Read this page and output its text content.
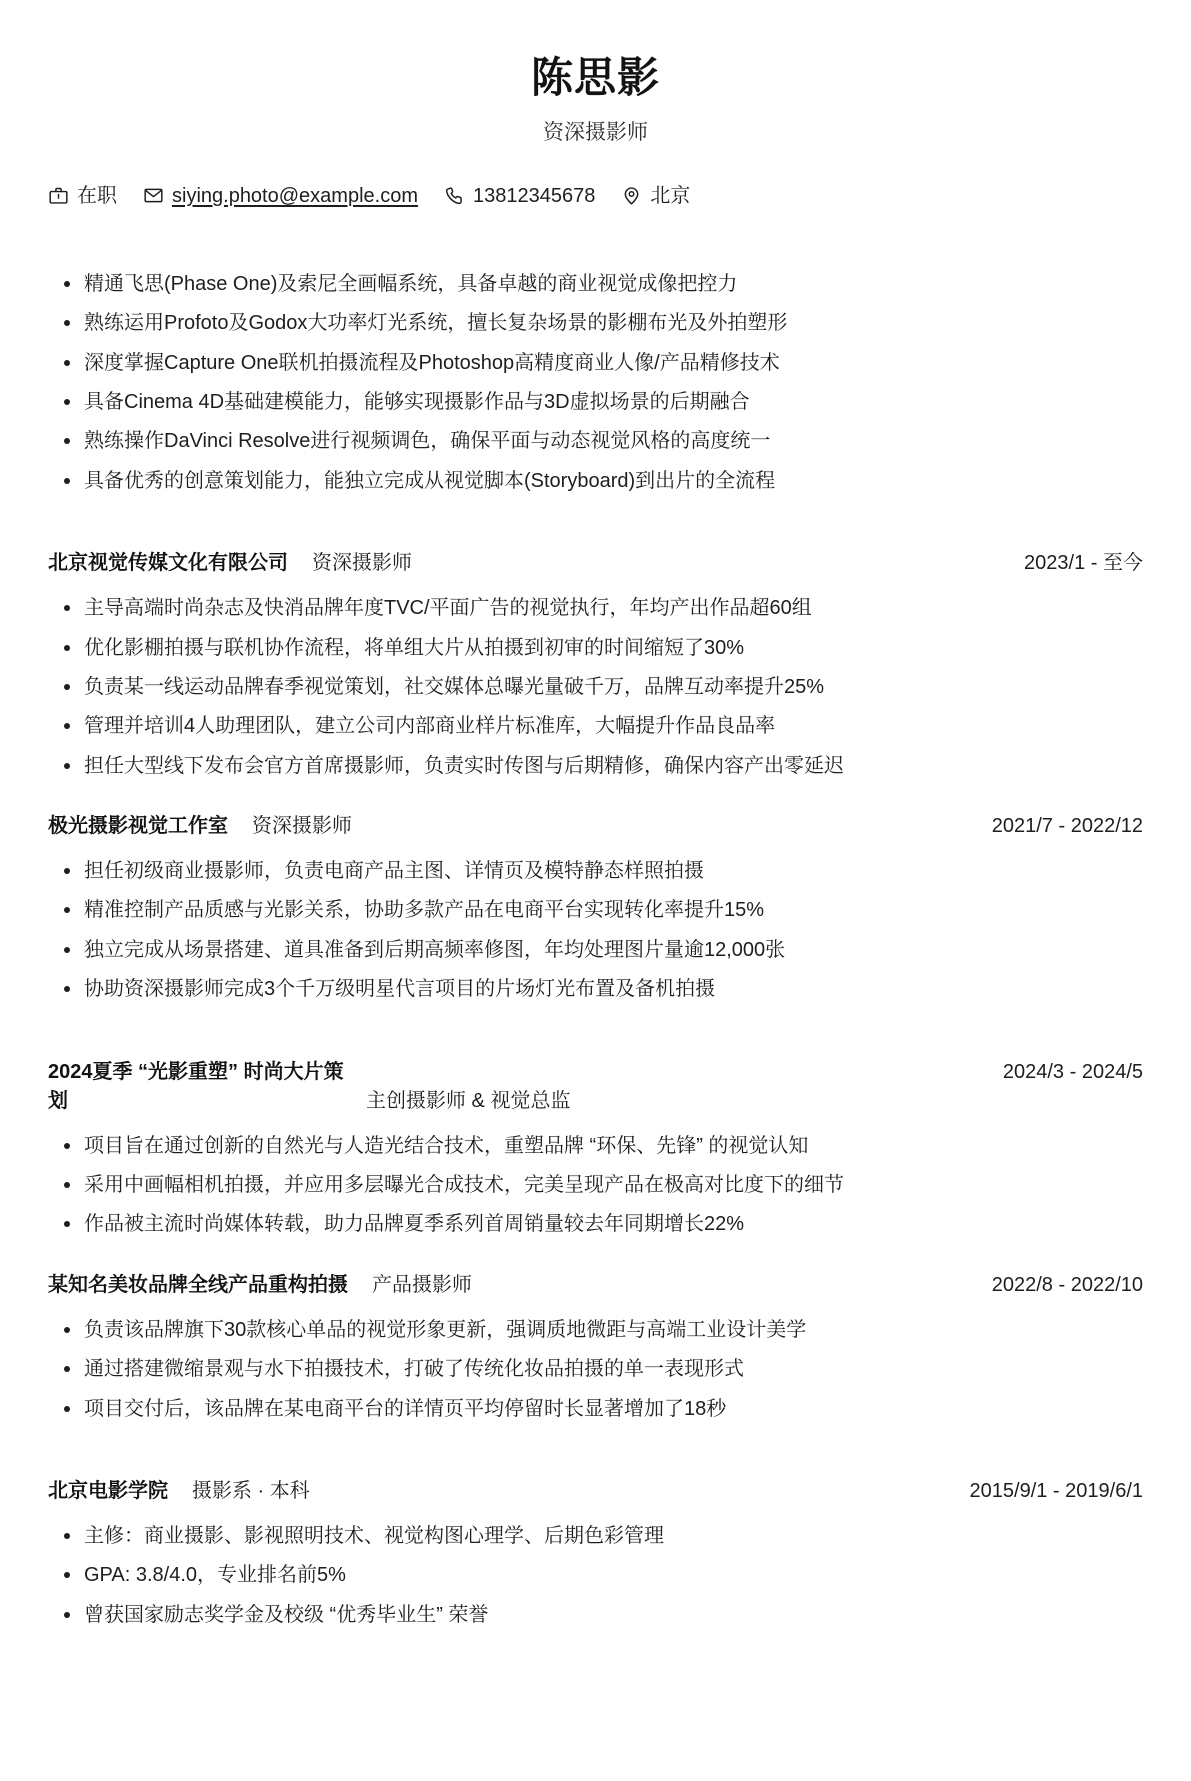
陈思影
资深摄影师
在职	siying.photo@example.com	13812345678	北京
精通飞思(Phase One)及索尼全画幅系统，具备卓越的商业视觉成像把控力
熟练运用Profoto及Godox大功率灯光系统，擅长复杂场景的影棚布光及外拍塑形
深度掌握Capture One联机拍摄流程及Photoshop高精度商业人像/产品精修技术
具备Cinema 4D基础建模能力，能够实现摄影作品与3D虚拟场景的后期融合
熟练操作DaVinci Resolve进行视频调色，确保平面与动态视觉风格的高度统一
具备优秀的创意策划能力，能独立完成从视觉脚本(Storyboard)到出片的全流程
北京视觉传媒文化有限公司 资深摄影师	2023/1 - 至今
主导高端时尚杂志及快消品牌年度TVC/平面广告的视觉执行，年均产出作品超60组
优化影棚拍摄与联机协作流程，将单组大片从拍摄到初审的时间缩短了30%
负责某一线运动品牌春季视觉策划，社交媒体总曝光量破千万，品牌互动率提升25%
管理并培训4人助理团队，建立公司内部商业样片标准库，大幅提升作品良品率
担任大型线下发布会官方首席摄影师，负责实时传图与后期精修，确保内容产出零延迟
极光摄影视觉工作室 资深摄影师	2021/7 - 2022/12
担任初级商业摄影师，负责电商产品主图、详情页及模特静态样照拍摄
精准控制产品质感与光影关系，协助多款产品在电商平台实现转化率提升15%
独立完成从场景搭建、道具准备到后期高频率修图，年均处理图片量逾12,000张
协助资深摄影师完成3个千万级明星代言项目的片场灯光布置及备机拍摄
2024夏季 “光影重塑” 时尚大片策划	主创摄影师 & 视觉总监
2024/3 - 2024/5
项目旨在通过创新的自然光与人造光结合技术，重塑品牌 “环保、先锋” 的视觉认知
采用中画幅相机拍摄，并应用多层曝光合成技术，完美呈现产品在极高对比度下的细节
作品被主流时尚媒体转载，助力品牌夏季系列首周销量较去年同期增长22%
某知名美妆品牌全线产品重构拍摄 产品摄影师	2022/8 - 2022/10
负责该品牌旗下30款核心单品的视觉形象更新，强调质地微距与高端工业设计美学
通过搭建微缩景观与水下拍摄技术，打破了传统化妆品拍摄的单一表现形式
项目交付后，该品牌在某电商平台的详情页平均停留时长显著增加了18秒
北京电影学院 摄影系 · 本科	2015/9/1 - 2019/6/1
主修：商业摄影、影视照明技术、视觉构图心理学、后期色彩管理
GPA: 3.8/4.0，专业排名前5%
曾获国家励志奖学金及校级 “优秀毕业生” 荣誉
